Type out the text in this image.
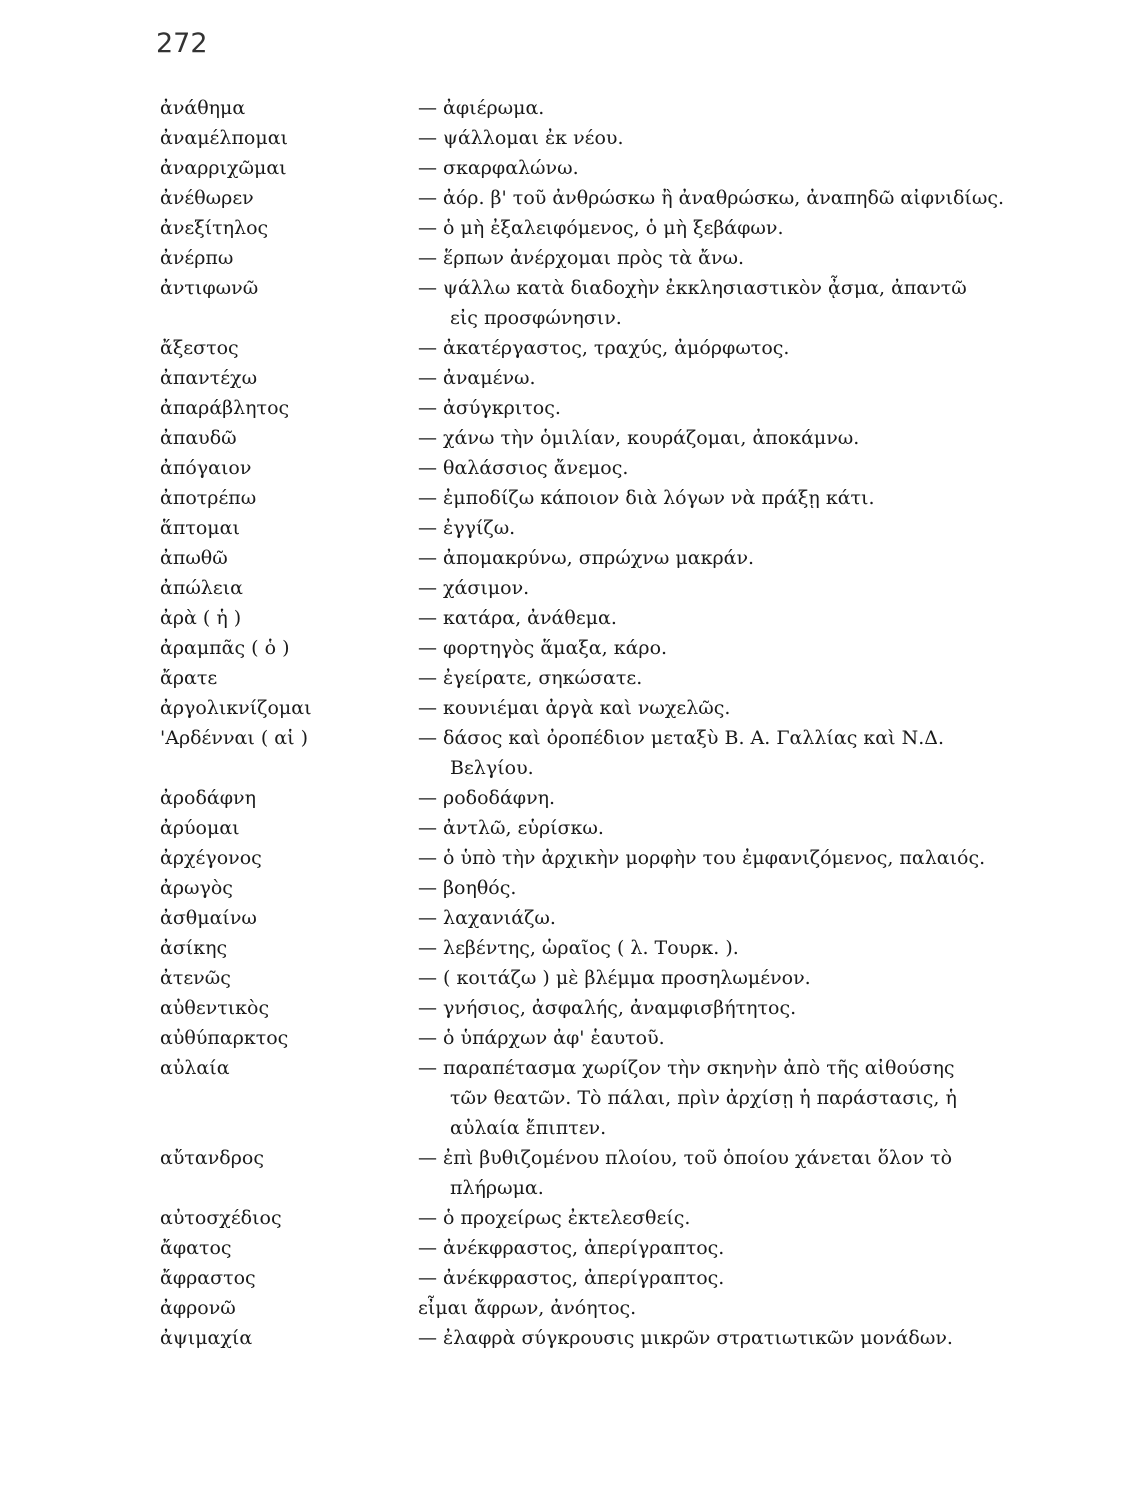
272
ἀνάθημα	— ἀφιέρωμα.
ἀναμέλπομαι	— ψάλλομαι ἐκ νέου.
ἀναρριχῶμαι	— σκαρφαλώνω.
ἀνέθωρεν	— ἀόρ. β' τοῦ ἀνθρώσκω ἢ ἀναθρώσκω, ἀναπηδῶ αἰφνιδίως.
ἀνεξίτηλος	— ὁ μὴ ἐξαλειφόμενος, ὁ μὴ ξεβάφων.
ἀνέρπω	— ἕρπων ἀνέρχομαι πρὸς τὰ ἄνω.
ἀντιφωνῶ	— ψάλλω κατὰ διαδοχὴν ἐκκλησιαστικὸν ᾆσμα, ἀπαντῶ
εἰς προσφώνησιν.
ἄξεστος	— ἀκατέργαστος, τραχύς, ἀμόρφωτος.
ἀπαντέχω	— ἀναμένω.
ἀπαράβλητος	— ἀσύγκριτος.
ἀπαυδῶ	— χάνω τὴν ὁμιλίαν, κουράζομαι, ἀποκάμνω.
ἀπόγαιον	— θαλάσσιος ἄνεμος.
ἀποτρέπω	— ἐμποδίζω κάποιον διὰ λόγων νὰ πράξῃ κάτι.
ἅπτομαι	— ἐγγίζω.
ἀπωθῶ	— ἀπομακρύνω, σπρώχνω μακράν.
ἀπώλεια	— χάσιμον.
ἀρὰ ( ἡ )	— κατάρα, ἀνάθεμα.
ἀραμπᾶς ( ὁ )	— φορτηγὸς ἅμαξα, κάρο.
ἄρατε	— ἐγείρατε, σηκώσατε.
ἀργολικνίζομαι	— κουνιέμαι ἀργὰ καὶ νωχελῶς.
'Αρδένναι ( αἱ )	— δάσος καὶ ὀροπέδιον μεταξὺ Β. Α. Γαλλίας καὶ Ν.Δ.
Βελγίου.
ἀροδάφνη	— ροδοδάφνη.
ἀρύομαι	— ἀντλῶ, εὑρίσκω.
ἀρχέγονος	— ὁ ὑπὸ τὴν ἀρχικὴν μορφὴν του ἐμφανιζόμενος, παλαιός.
ἀρωγὸς	— βοηθός.
ἀσθμαίνω	— λαχανιάζω.
ἀσίκης	— λεβέντης, ὡραῖος ( λ. Τουρκ. ).
ἀτενῶς	— ( κοιτάζω ) μὲ βλέμμα προσηλωμένον.
αὐθεντικὸς	— γνήσιος, ἀσφαλής, ἀναμφισβήτητος.
αὐθύπαρκτος	— ὁ ὑπάρχων ἀφ' ἑαυτοῦ.
αὐλαία	— παραπέτασμα χωρίζον τὴν σκηνὴν ἀπὸ τῆς αἰθούσης
τῶν θεατῶν. Τὸ πάλαι, πρὶν ἀρχίσῃ ἡ παράστασις, ἡ
αὐλαία ἔπιπτεν.
αὔτανδρος	— ἐπὶ βυθιζομένου πλοίου, τοῦ ὁποίου χάνεται ὅλον τὸ
πλήρωμα.
αὐτοσχέδιος	— ὁ προχείρως ἐκτελεσθείς.
ἄφατος	— ἀνέκφραστος, ἀπερίγραπτος.
ἄφραστος	— ἀνέκφραστος, ἀπερίγραπτος.
ἀφρονῶ	εἶμαι ἄφρων, ἀνόητος.
ἀψιμαχία	— ἐλαφρὰ σύγκρουσις μικρῶν στρατιωτικῶν μονάδων.
